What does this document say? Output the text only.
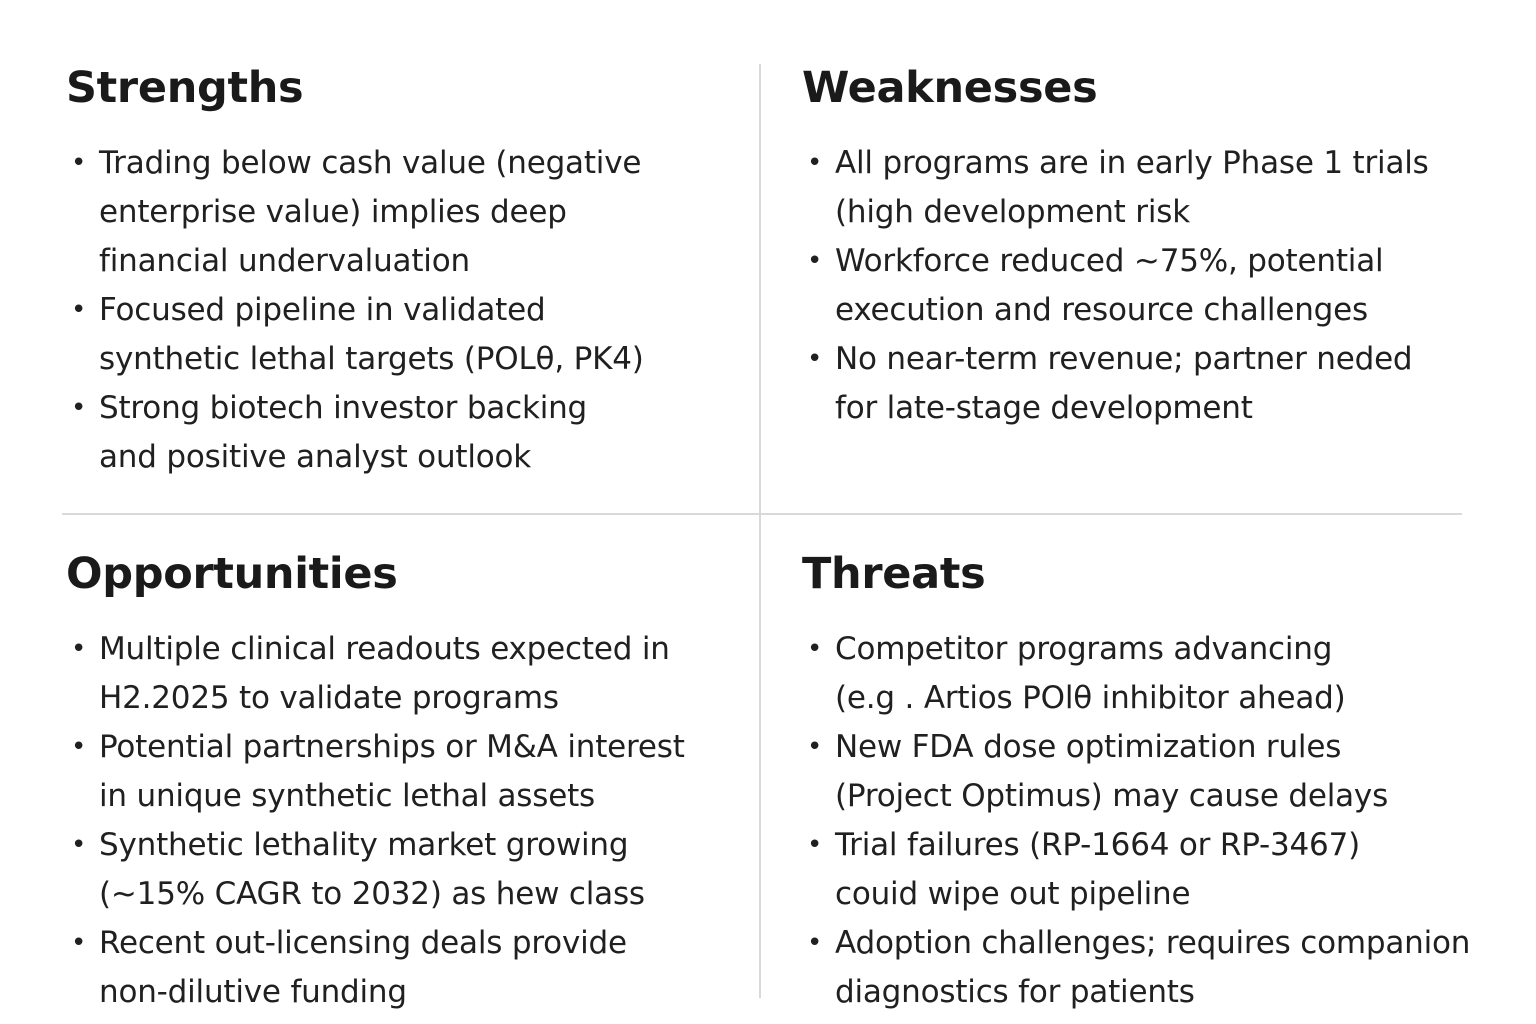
Strengths
• Trading below cash value (negative
enterprise value) implies deep
financial undervaluation
• Focused pipeline in validated
synthetic lethal targets (POLθ, PK4)
• Strong biotech investor backing
and positive analyst outlook
Weaknesses
• All programs are in early Phase 1 trials
(high development risk
• Workforce reduced ~75%, potential
execution and resource challenges
• No near-term revenue; partner neded
for late-stage development
Opportunities
• Multiple clinical readouts expected in
H2.2025 to validate programs
• Potential partnerships or M&A interest
in unique synthetic lethal assets
• Synthetic lethality market growing
(~15% CAGR to 2032) as hew class
• Recent out-licensing deals provide
non-dilutive funding
Threats
• Competitor programs advancing
(e.g . Artios POlθ inhibitor ahead)
• New FDA dose optimization rules
(Project Optimus) may cause delays
• Trial failures (RP-1664 or RP-3467)
couid wipe out pipeline
• Adoption challenges; requires companion
diagnostics for patients
